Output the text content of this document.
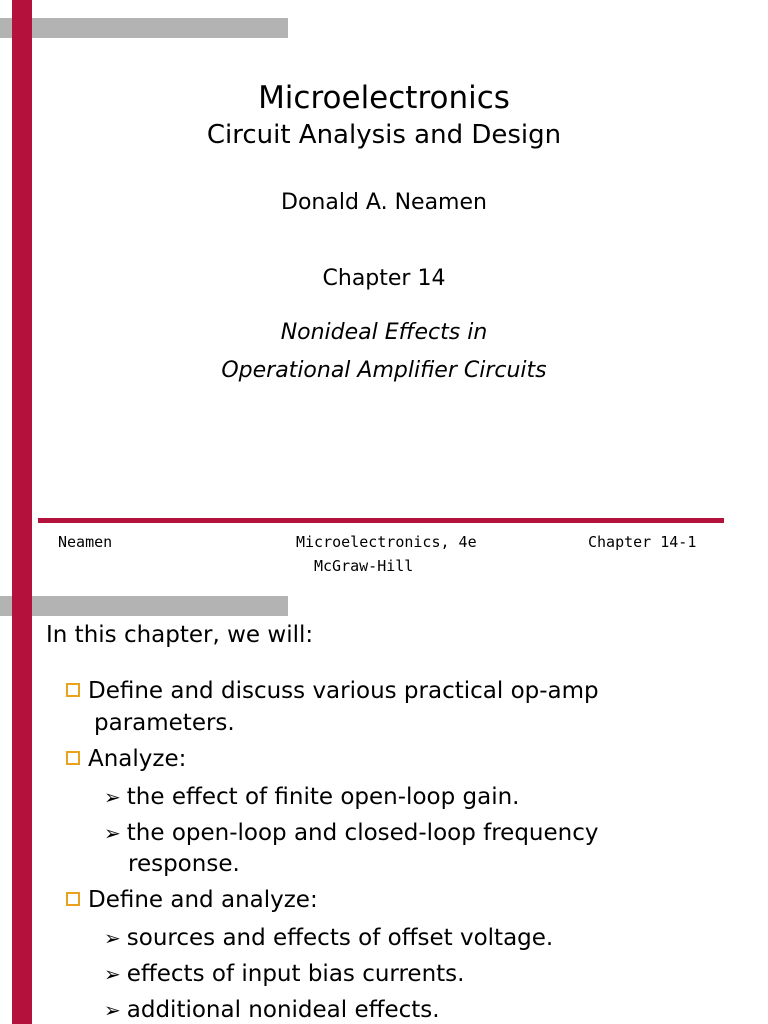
Microelectronics
Circuit Analysis and Design
Donald A. Neamen
Chapter 14
Nonideal Effects in
Operational Amplifier Circuits
Neamen	Microelectronics, 4e
McGraw-Hill
Chapter 14-1
In this chapter, we will:
Define and discuss various practical op-amp
parameters.
Analyze:
➢ the effect of finite open-loop gain.
➢ the open-loop and closed-loop frequency
response.
Define and analyze:
➢ sources and effects of offset voltage.
➢ effects of input bias currents.
➢ additional nonideal effects.
